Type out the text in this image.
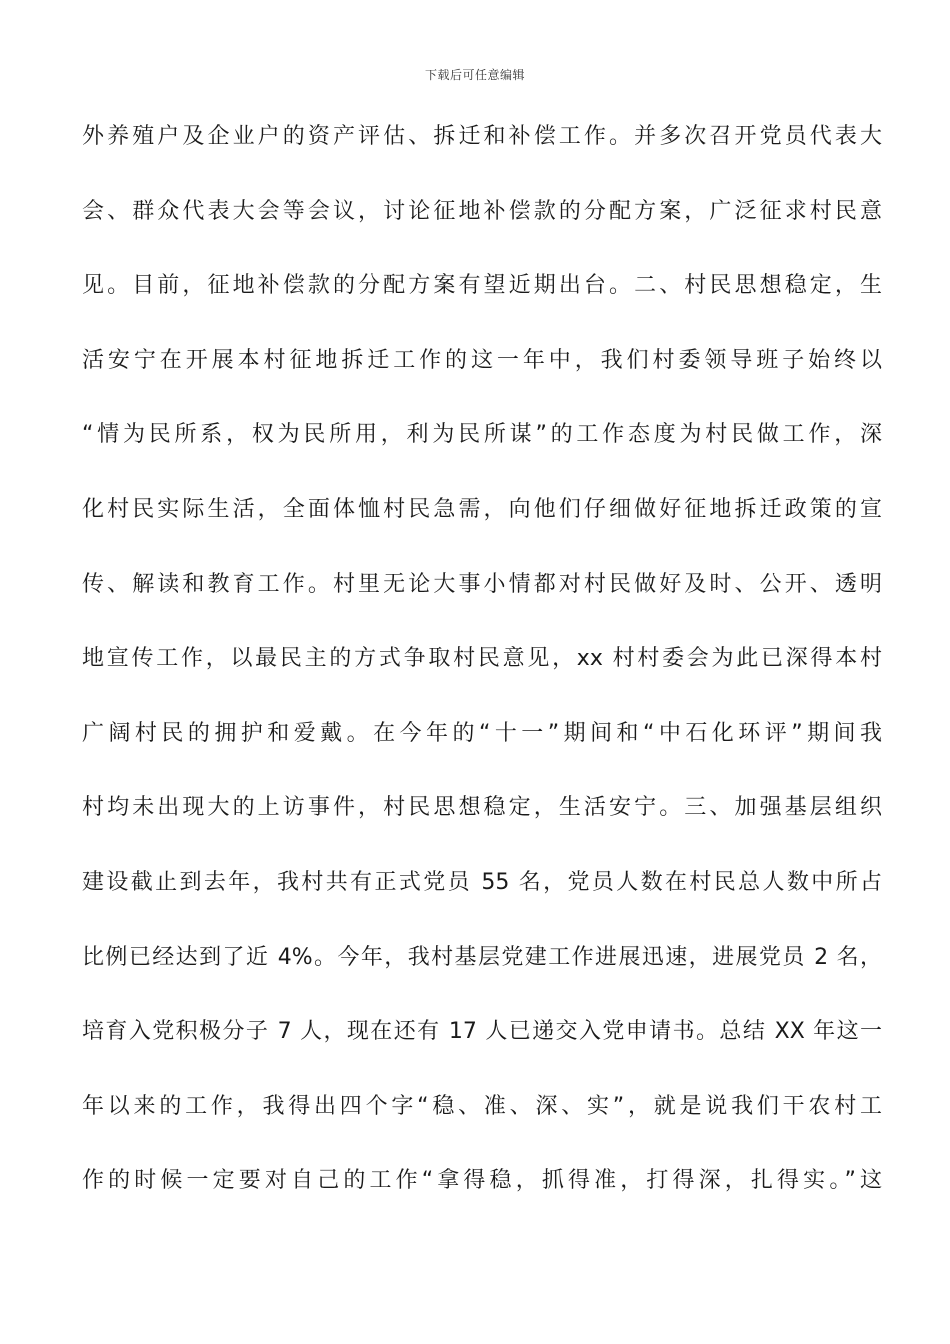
下载后可任意编辑
外养殖户及企业户的资产评估、拆迁和补偿工作。并多次召开党员代表大
会、群众代表大会等会议，讨论征地补偿款的分配方案，广泛征求村民意
见。目前，征地补偿款的分配方案有望近期出台。二、村民思想稳定，生
活安宁在开展本村征地拆迁工作的这一年中，我们村委领导班子始终以
“情为民所系，权为民所用，利为民所谋”的工作态度为村民做工作，深
化村民实际生活，全面体恤村民急需，向他们仔细做好征地拆迁政策的宣
传、解读和教育工作。村里无论大事小情都对村民做好及时、公开、透明
地宣传工作，以最民主的方式争取村民意见，xx 村村委会为此已深得本村
广阔村民的拥护和爱戴。在今年的“十一”期间和“中石化环评”期间我
村均未出现大的上访事件，村民思想稳定，生活安宁。三、加强基层组织
建设截止到去年，我村共有正式党员 55 名，党员人数在村民总人数中所占
比例已经达到了近 4%。今年，我村基层党建工作进展迅速，进展党员 2 名，
培育入党积极分子 7 人，现在还有 17 人已递交入党申请书。总结 XX 年这一
年以来的工作，我得出四个字“稳、准、深、实”，就是说我们干农村工
作的时候一定要对自己的工作“拿得稳，抓得准，打得深，扎得实。”这
